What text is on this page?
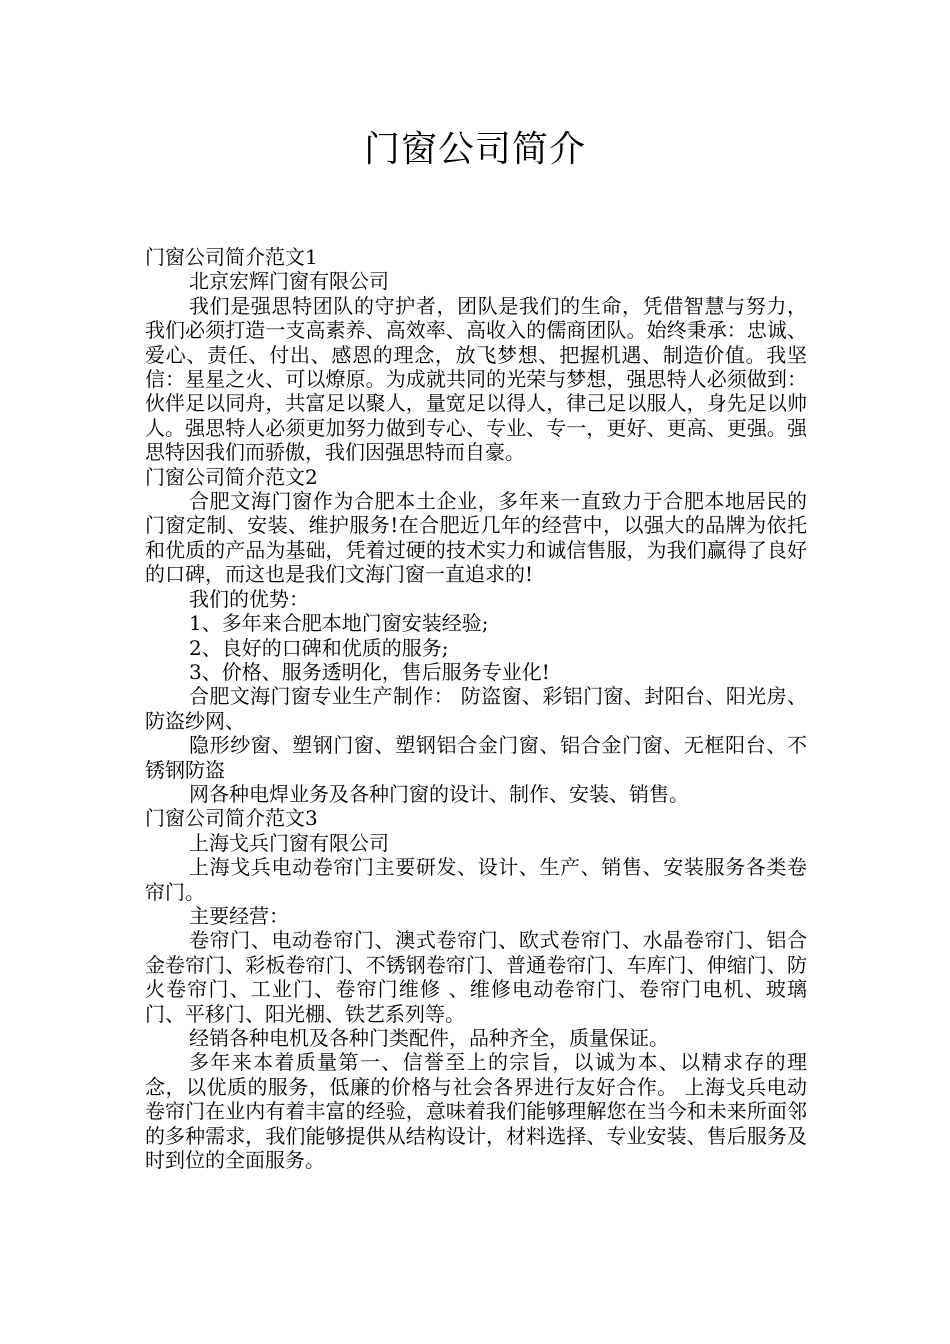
门窗公司简介

门窗公司简介范文1

北京宏辉门窗有限公司

我们是强思特团队的守护者，团队是我们的生命，凭借智慧与努力，我们必须打造一支高素养、高效率、高收入的儒商团队。始终秉承：忠诚、爱心、责任、付出、感恩的理念，放飞梦想、把握机遇、制造价值。我坚信：星星之火、可以燎原。为成就共同的光荣与梦想，强思特人必须做到：伙伴足以同舟，共富足以聚人，量宽足以得人，律己足以服人，身先足以帅人。强思特人必须更加努力做到专心、专业、专一，更好、更高、更强。强思特因我们而骄傲，我们因强思特而自豪。

门窗公司简介范文2

合肥文海门窗作为合肥本土企业，多年来一直致力于合肥本地居民的门窗定制、安装、维护服务!在合肥近几年的经营中，以强大的品牌为依托和优质的产品为基础，凭着过硬的技术实力和诚信售服，为我们赢得了良好的口碑，而这也是我们文海门窗一直追求的!

我们的优势：

1、多年来合肥本地门窗安装经验;

2、良好的口碑和优质的服务;

3、价格、服务透明化，售后服务专业化!

合肥文海门窗专业生产制作： 防盗窗、彩铝门窗、封阳台、阳光房、防盗纱网、

隐形纱窗、塑钢门窗、塑钢铝合金门窗、铝合金门窗、无框阳台、不锈钢防盗

网各种电焊业务及各种门窗的设计、制作、安装、销售。

门窗公司简介范文3

上海戈兵门窗有限公司

上海戈兵电动卷帘门主要研发、设计、生产、销售、安装服务各类卷帘门。

主要经营：

卷帘门、电动卷帘门、澳式卷帘门、欧式卷帘门、水晶卷帘门、铝合金卷帘门、彩板卷帘门、不锈钢卷帘门、普通卷帘门、车库门、伸缩门、防火卷帘门、工业门、卷帘门维修 、维修电动卷帘门、卷帘门电机、玻璃门、平移门、阳光棚、铁艺系列等。

经销各种电机及各种门类配件，品种齐全，质量保证。

多年来本着质量第一、信誉至上的宗旨，以诚为本、以精求存的理念，以优质的服务，低廉的价格与社会各界进行友好合作。 上海戈兵电动卷帘门在业内有着丰富的经验，意味着我们能够理解您在当今和未来所面邻的多种需求，我们能够提供从结构设计，材料选择、专业安装、售后服务及时到位的全面服务。
